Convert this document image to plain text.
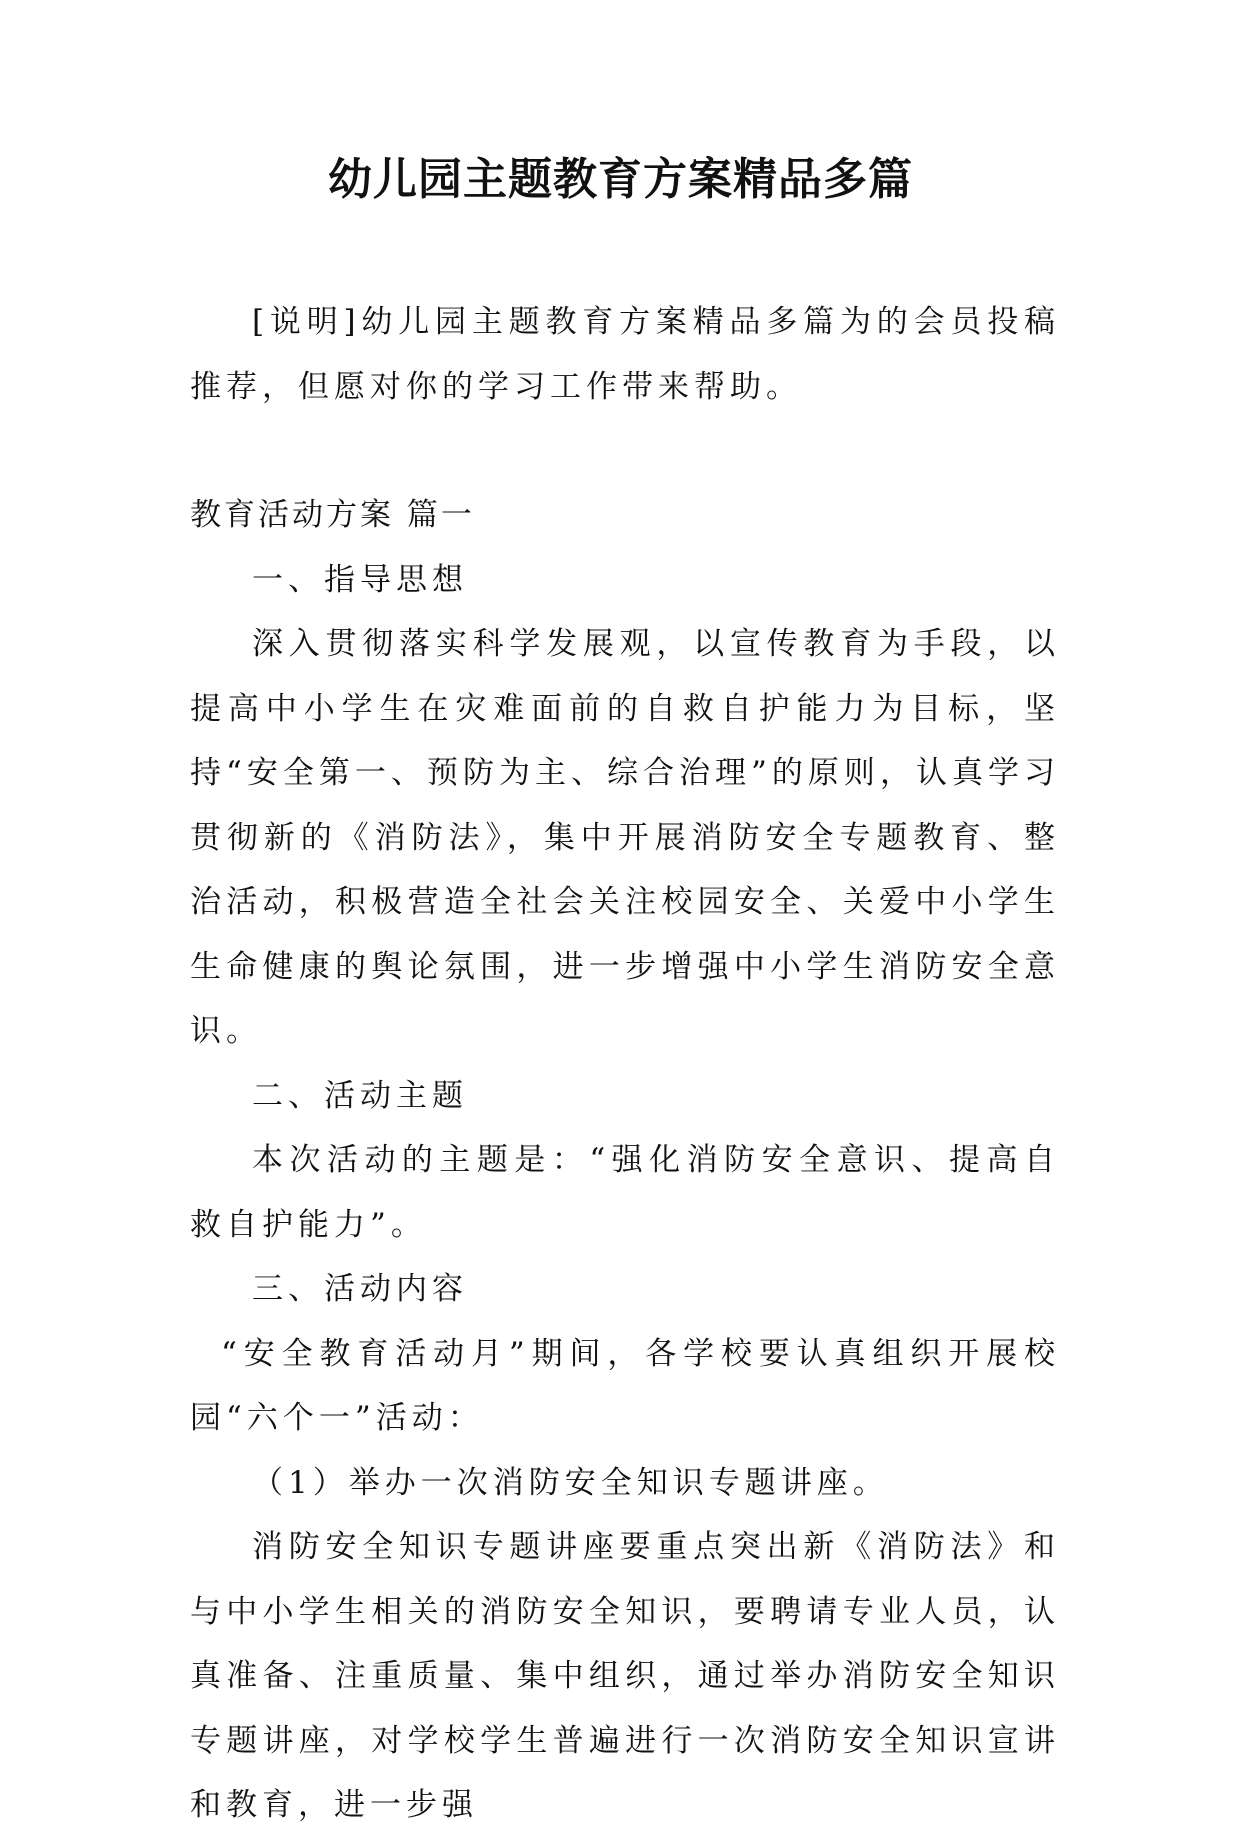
幼儿园主题教育方案精品多篇

[说明]幼儿园主题教育方案精品多篇为的会员投稿推荐，但愿对你的学习工作带来帮助。

教育活动方案 篇一

一、指导思想

深入贯彻落实科学发展观，以宣传教育为手段，以提高中小学生在灾难面前的自救自护能力为目标，坚持“安全第一、预防为主、综合治理”的原则，认真学习贯彻新的《消防法》，集中开展消防安全专题教育、整治活动，积极营造全社会关注校园安全、关爱中小学生生命健康的舆论氛围，进一步增强中小学生消防安全意识。

二、活动主题

本次活动的主题是：“强化消防安全意识、提高自救自护能力”。

三、活动内容

“安全教育活动月”期间，各学校要认真组织开展校园“六个一”活动：

（1）举办一次消防安全知识专题讲座。

消防安全知识专题讲座要重点突出新《消防法》和与中小学生相关的消防安全知识，要聘请专业人员，认真准备、注重质量、集中组织，通过举办消防安全知识专题讲座，对学校学生普遍进行一次消防安全知识宣讲和教育，进一步强
